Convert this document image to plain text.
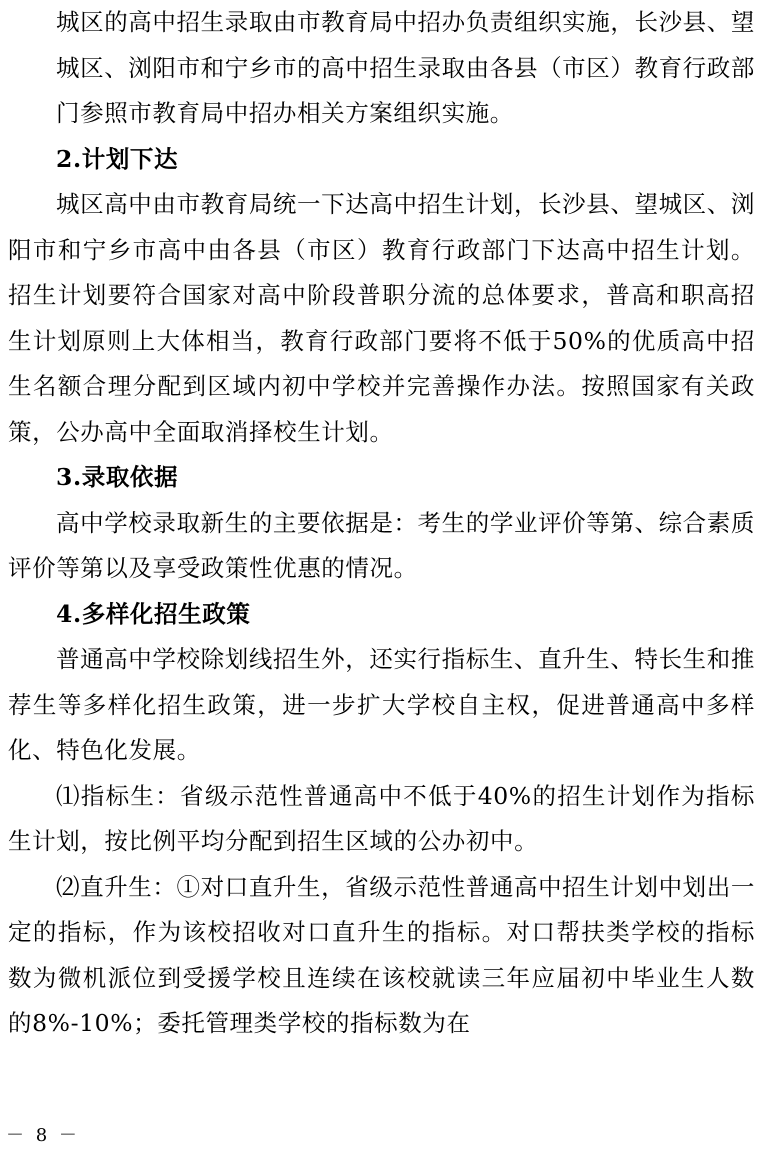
城区的高中招生录取由市教育局中招办负责组织实施，长沙县、望城区、浏阳市和宁乡市的高中招生录取由各县（市区）教育行政部门参照市教育局中招办相关方案组织实施。

2.计划下达

城区高中由市教育局统一下达高中招生计划，长沙县、望城区、浏阳市和宁乡市高中由各县（市区）教育行政部门下达高中招生计划。招生计划要符合国家对高中阶段普职分流的总体要求，普高和职高招生计划原则上大体相当，教育行政部门要将不低于50%的优质高中招生名额合理分配到区域内初中学校并完善操作办法。按照国家有关政策，公办高中全面取消择校生计划。

3.录取依据

高中学校录取新生的主要依据是：考生的学业评价等第、综合素质评价等第以及享受政策性优惠的情况。

4.多样化招生政策

普通高中学校除划线招生外，还实行指标生、直升生、特长生和推荐生等多样化招生政策，进一步扩大学校自主权，促进普通高中多样化、特色化发展。

⑴指标生：省级示范性普通高中不低于40%的招生计划作为指标生计划，按比例平均分配到招生区域的公办初中。

⑵直升生：①对口直升生，省级示范性普通高中招生计划中划出一定的指标，作为该校招收对口直升生的指标。对口帮扶类学校的指标数为微机派位到受援学校且连续在该校就读三年应届初中毕业生人数的8%-10%；委托管理类学校的指标数为在

－ 8 －
